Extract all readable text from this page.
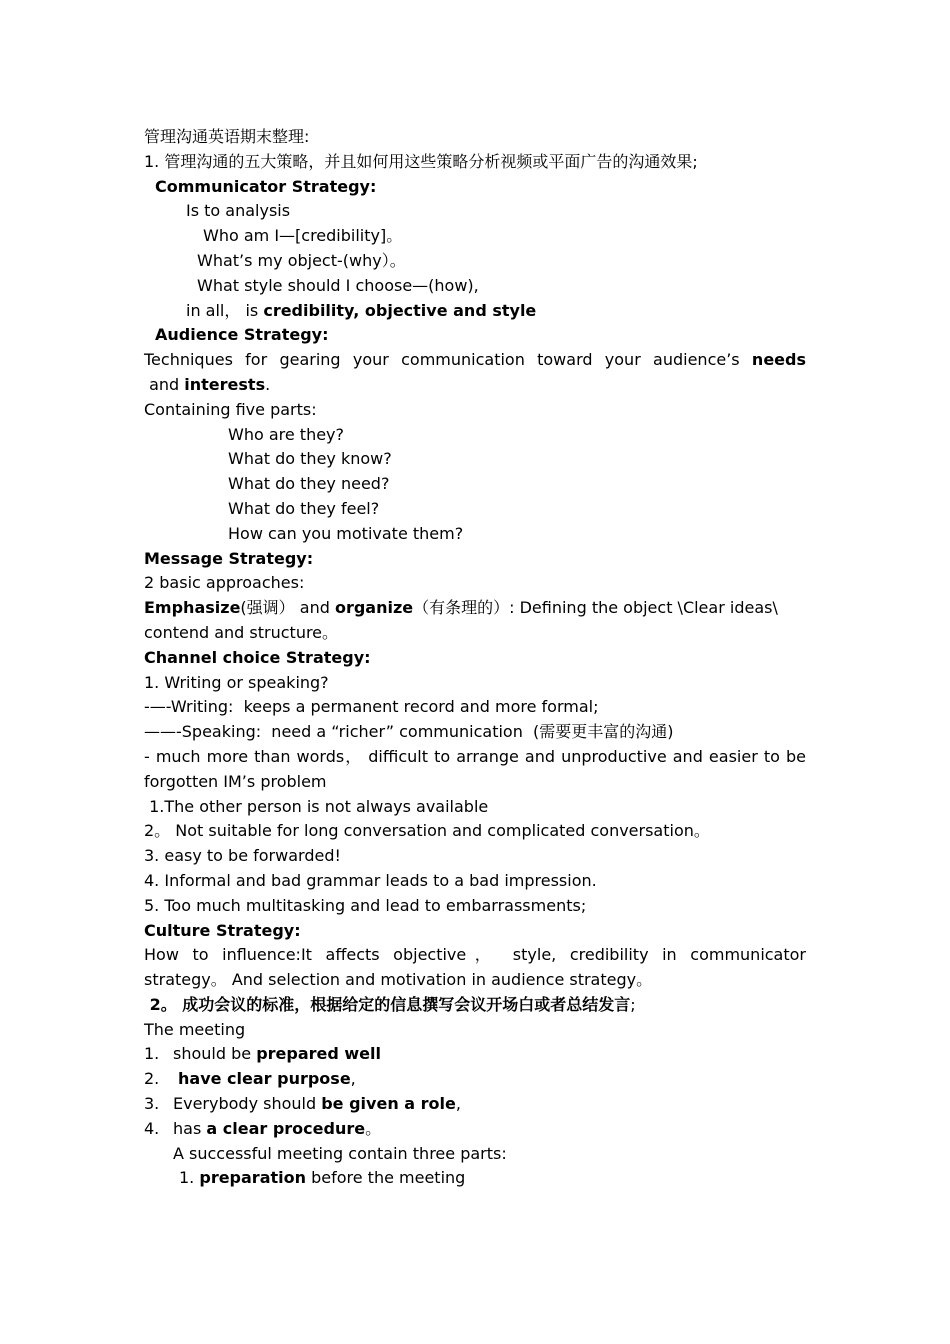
管理沟通英语期末整理:
1. 管理沟通的五大策略，并且如何用这些策略分析视频或平面广告的沟通效果;
Communicator Strategy:
Is to analysis
Who am I—[credibility]。
What’s my object-(why）。
What style should I choose—(how),
in all， is credibility, objective and style
Audience Strategy:
Techniques for gearing your communication toward your audience’s needs and interests.
Containing five parts:
Who are they?
What do they know?
What do they need?
What do they feel?
How can you motivate them?
Message Strategy:
2 basic approaches:
Emphasize(强调） and organize（有条理的）: Defining the object \Clear ideas\
contend and structure。
Channel choice Strategy:
1. Writing or speaking?
-—-Writing:  keeps a permanent record and more formal;
——-Speaking:  need a “richer” communication  (需要更丰富的沟通)
- much more than words， difficult to arrange and unproductive and easier to be forgotten IM’s problem
1.The other person is not always available
2。 Not suitable for long conversation and complicated conversation。
3. easy to be forwarded!
4. Informal and bad grammar leads to a bad impression.
5. Too much multitasking and lead to embarrassments;
Culture Strategy:
How to influence:It affects objective， style, credibility in communicator strategy。 And selection and motivation in audience strategy。
2。 成功会议的标准，根据给定的信息撰写会议开场白或者总结发言;
The meeting
1. should be prepared well
2. have clear purpose,
3. Everybody should be given a role,
4. has a clear procedure。
A successful meeting contain three parts:
1. preparation before the meeting
